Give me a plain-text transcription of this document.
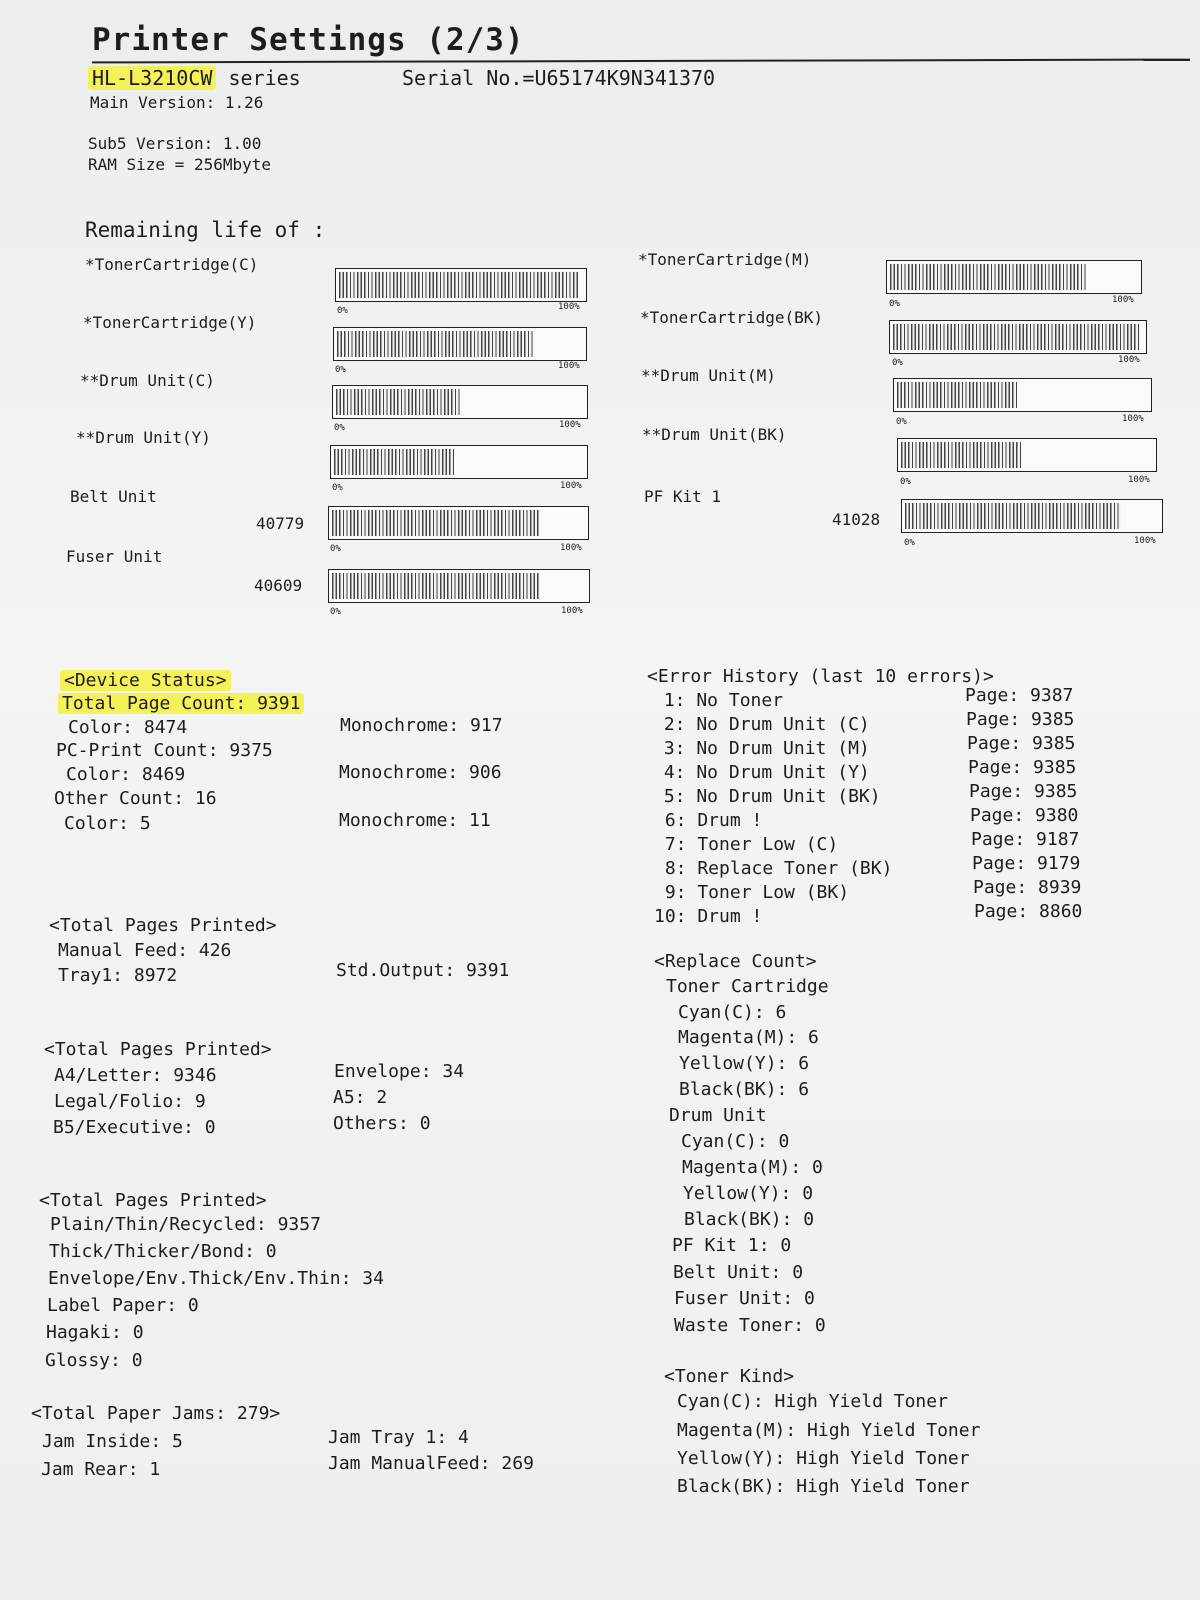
Printer Settings (2/3)
HL-L3210CW series	Serial No.=U65174K9N341370
Main Version: 1.26
Sub5 Version: 1.00
RAM Size = 256Mbyte
Remaining life of :
*TonerCartridge(C)
0%	100%
*TonerCartridge(Y)
0%	100%
**Drum Unit(C)
0%	100%
**Drum Unit(Y)
0%	100%
Belt Unit
40779
0%	100%
Fuser Unit
40609
0%	100%
*TonerCartridge(M)
0%	100%
*TonerCartridge(BK)
0%	100%
**Drum Unit(M)
0%	100%
**Drum Unit(BK)
0%	100%
PF Kit 1
41028
0%	100%
<Device Status>
Total Page Count: 9391
Color: 8474	Monochrome: 917
PC-Print Count: 9375
Color: 8469	Monochrome: 906
Other Count: 16
Color: 5	Monochrome: 11
<Total Pages Printed>
Manual Feed: 426
Tray1: 8972	Std.Output: 9391
<Total Pages Printed>
A4/Letter: 9346	Envelope: 34
Legal/Folio: 9	A5: 2
B5/Executive: 0	Others: 0
<Total Pages Printed>
Plain/Thin/Recycled: 9357
Thick/Thicker/Bond: 0
Envelope/Env.Thick/Env.Thin: 34
Label Paper: 0
Hagaki: 0
Glossy: 0
<Total Paper Jams: 279>
Jam Inside: 5	Jam Tray 1: 4
Jam Rear: 1	Jam ManualFeed: 269
<Error History (last 10 errors)>
1: No Toner	Page: 9387
2: No Drum Unit (C)	Page: 9385
3: No Drum Unit (M)	Page: 9385
4: No Drum Unit (Y)	Page: 9385
5: No Drum Unit (BK)	Page: 9385
6: Drum !	Page: 9380
7: Toner Low (C)	Page: 9187
8: Replace Toner (BK)	Page: 9179
9: Toner Low (BK)	Page: 8939
10: Drum !	Page: 8860
<Replace Count>
Toner Cartridge
Cyan(C): 6
Magenta(M): 6
Yellow(Y): 6
Black(BK): 6
Drum Unit
Cyan(C): 0
Magenta(M): 0
Yellow(Y): 0
Black(BK): 0
PF Kit 1: 0
Belt Unit: 0
Fuser Unit: 0
Waste Toner: 0
<Toner Kind>
Cyan(C): High Yield Toner
Magenta(M): High Yield Toner
Yellow(Y): High Yield Toner
Black(BK): High Yield Toner
